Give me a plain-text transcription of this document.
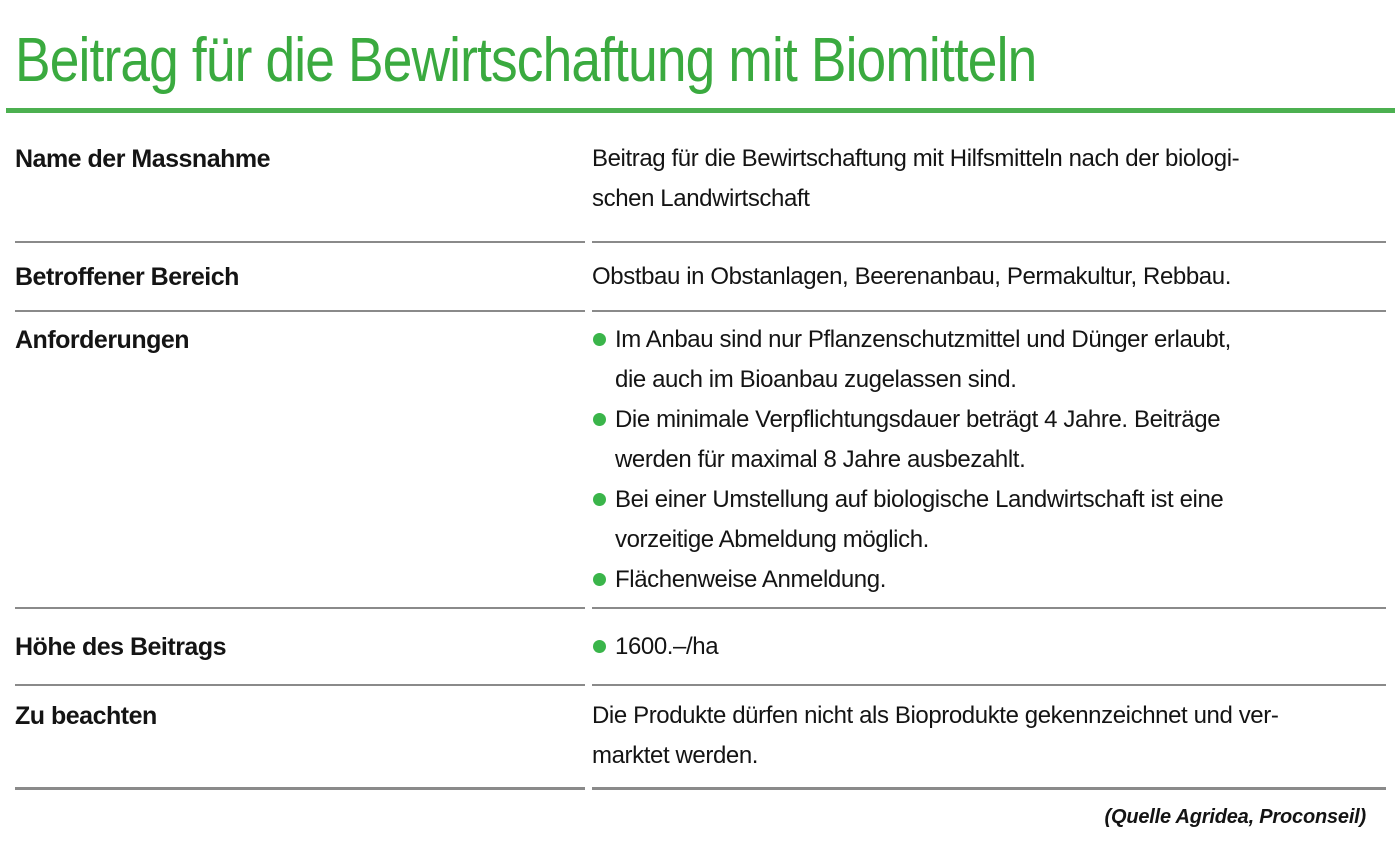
Beitrag für die Bewirtschaftung mit Biomitteln
Name der Massnahme	Beitrag für die Bewirtschaftung mit Hilfsmitteln nach der biologi-
schen Landwirtschaft
Betroffener Bereich	Obstbau in Obstanlagen, Beerenanbau, Permakultur, Rebbau.
Anforderungen	Im Anbau sind nur Pflanzenschutzmittel und Dünger erlaubt,
die auch im Bioanbau zugelassen sind.
Die minimale Verpflichtungsdauer beträgt 4 Jahre. Beiträge
werden für maximal 8 Jahre ausbezahlt.
Bei einer Umstellung auf biologische Landwirtschaft ist eine
vorzeitige Abmeldung möglich.
Flächenweise Anmeldung.
Höhe des Beitrags	1600.–/ha
Zu beachten	Die Produkte dürfen nicht als Bioprodukte gekennzeichnet und ver-
marktet werden.
(Quelle Agridea, Proconseil)
